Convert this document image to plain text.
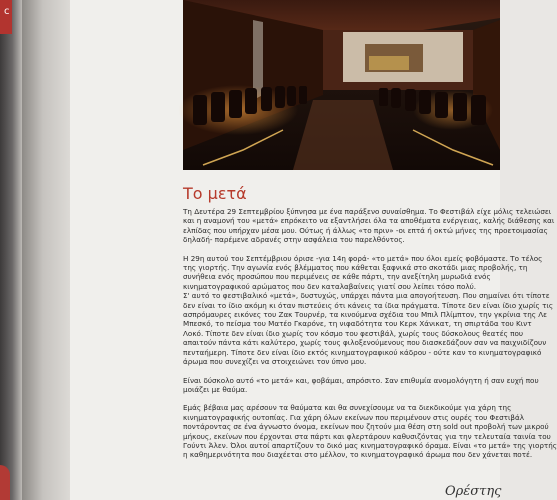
c
Το μετά

Τη Δευτέρα 29 Σεπτεμβρίου ξύπνησα με ένα παράξενο συναίσθημα. Το Φεστιβάλ είχε μόλις τελειώσει
και η αναμονή του «μετά» επρόκειτο να εξαντλήσει όλα τα αποθέματα ενέργειας, καλής διάθεσης και
ελπίδας που υπήρχαν μέσα μου. Ούτως ή άλλως «το πριν» -οι επτά ή οκτώ μήνες της προετοιμασίας
δηλαδή- παρέμενε αδρανές στην ασφάλεια του παρελθόντος.

Η 29η αυτού του Σεπτέμβριου όρισε -για 14η φορά- «το μετά» που όλοι εμείς φοβόμαστε. Το τέλος
της γιορτής. Την αγωνία ενός βλέμματος που κάθεται ξαφνικά στο σκοτάδι μιας προβολής, τη
συνήθεια ενός προσώπου που περιμένεις σε κάθε πάρτι, την ανεξίτηλη μυρωδιά ενός
κινηματογραφικού αρώματος που δεν καταλαβαίνεις γιατί σου λείπει τόσο πολύ.
Σ' αυτό το φεστιβαλικό «μετά», δυστυχώς, υπάρχει πάντα μια απογοήτευση. Που σημαίνει ότι τίποτε
δεν είναι το ίδιο ακόμη κι όταν πιστεύεις ότι κάνεις τα ίδια πράγματα. Τίποτε δεν είναι ίδιο χωρίς τις
ασπρόμαυρες εικόνες του Ζακ Τουρνέρ, τα κινούμενα σχέδια του Μπιλ Πλίμπτον, την γκρίνια της Λε
Μπεσκό, το πείσμα του Ματέο Γκαρόνε, τη νιφαδότητα του Κερκ Χάνικατ, τη σπιρτάδα του Κιντ
Λοκό. Τίποτε δεν είναι ίδιο χωρίς τον κόσμο του φεστιβάλ, χωρίς τους δύσκολους θεατές που
απαιτούν πάντα κάτι καλύτερο, χωρίς τους φιλοξενούμενους που διασκεδάζουν σαν να παιχνιδίζουν
πενταήμερη. Τίποτε δεν είναι ίδιο εκτός κινηματογραφικού κάδρου - ούτε καν το κινηματογραφικό
άρωμα που συνεχίζει να στοιχειώνει τον ύπνο μου.

Είναι δύσκολο αυτό «το μετά» και, φοβάμαι, απρόσιτο. Σαν επιθυμία ανομολόγητη ή σαν ευχή που
μοιάζει με θαύμα.

Εμάς βέβαια μας αρέσουν τα θαύματα και θα συνεχίσουμε να τα διεκδικούμε για χάρη της
κινηματογραφικής ουτοπίας. Για χάρη όλων εκείνων που περιμένουν στις ουρές του Φεστιβάλ
ποντάροντας σε ένα άγνωστο όνομα, εκείνων που ζητούν μια θέση στη sold out προβολή των μικρού
μήκους, εκείνων που έρχονται στα πάρτι και φλερτάρουν καθυσιζόντας για την τελευταία ταινία του
Γούντι Άλεν. Όλοι αυτοί απαρτίζουν το δικό μας κινηματογραφικό όραμα. Είναι «το μετά» της γιορτής
η καθημερινότητα που διαχέεται στο μέλλον, το κινηματογραφικό άρωμα που δεν χάνεται ποτέ.

Ορέστης
